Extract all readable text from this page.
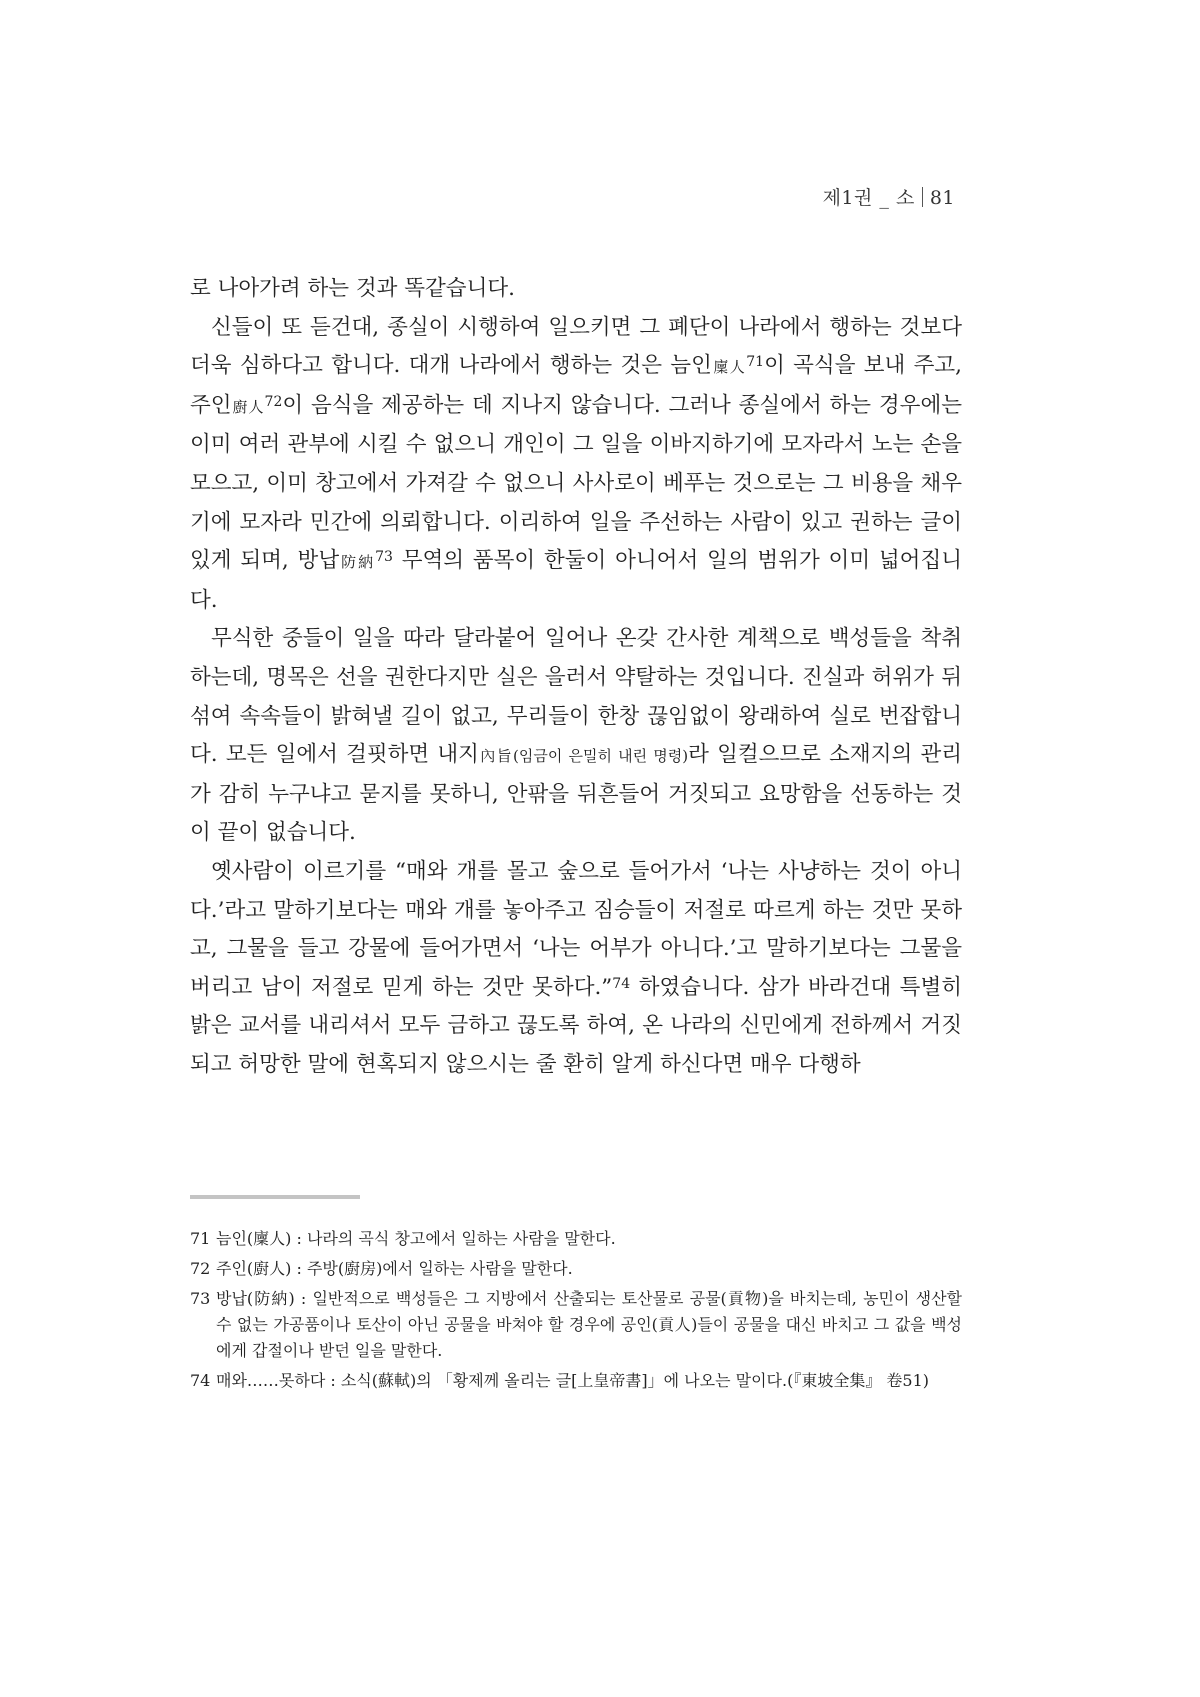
제1권 _ 소 81

로 나아가려 하는 것과 똑같습니다.

신들이 또 듣건대, 종실이 시행하여 일으키면 그 폐단이 나라에서 행하는 것보다 더욱 심하다고 합니다. 대개 나라에서 행하는 것은 늠인廩人$^{71}$이 곡식을 보내 주고, 주인廚人$^{72}$이 음식을 제공하는 데 지나지 않습니다. 그러나 종실에서 하는 경우에는 이미 여러 관부에 시킬 수 없으니 개인이 그 일을 이바지하기에 모자라서 노는 손을 모으고, 이미 창고에서 가져갈 수 없으니 사사로이 베푸는 것으로는 그 비용을 채우기에 모자라 민간에 의뢰합니다. 이리하여 일을 주선하는 사람이 있고 권하는 글이 있게 되며, 방납防納$^{73}$ 무역의 품목이 한둘이 아니어서 일의 범위가 이미 넓어집니다.

무식한 중들이 일을 따라 달라붙어 일어나 온갖 간사한 계책으로 백성들을 착취하는데, 명목은 선을 권한다지만 실은 을러서 약탈하는 것입니다. 진실과 허위가 뒤섞여 속속들이 밝혀낼 길이 없고, 무리들이 한창 끊임없이 왕래하여 실로 번잡합니다. 모든 일에서 걸핏하면 내지內旨(임금이 은밀히 내린 명령)라 일컬으므로 소재지의 관리가 감히 누구냐고 묻지를 못하니, 안팎을 뒤흔들어 거짓되고 요망함을 선동하는 것이 끝이 없습니다.

옛사람이 이르기를 “매와 개를 몰고 숲으로 들어가서 ‘나는 사냥하는 것이 아니다.’라고 말하기보다는 매와 개를 놓아주고 짐승들이 저절로 따르게 하는 것만 못하고, 그물을 들고 강물에 들어가면서 ‘나는 어부가 아니다.’고 말하기보다는 그물을 버리고 남이 저절로 믿게 하는 것만 못하다.”$^{74}$ 하였습니다. 삼가 바라건대 특별히 밝은 교서를 내리셔서 모두 금하고 끊도록 하여, 온 나라의 신민에게 전하께서 거짓되고 허망한 말에 현혹되지 않으시는 줄 환히 알게 하신다면 매우 다행하

71 늠인(廩人) : 나라의 곡식 창고에서 일하는 사람을 말한다.
72 주인(廚人) : 주방(廚房)에서 일하는 사람을 말한다.
73 방납(防納) : 일반적으로 백성들은 그 지방에서 산출되는 토산물로 공물(貢物)을 바치는데, 농민이 생산할 수 없는 가공품이나 토산이 아닌 공물을 바쳐야 할 경우에 공인(貢人)들이 공물을 대신 바치고 그 값을 백성에게 갑절이나 받던 일을 말한다.
74 매와……못하다 : 소식(蘇軾)의 「황제께 올리는 글[上皇帝書]」에 나오는 말이다.(『東坡全集』 卷51)
